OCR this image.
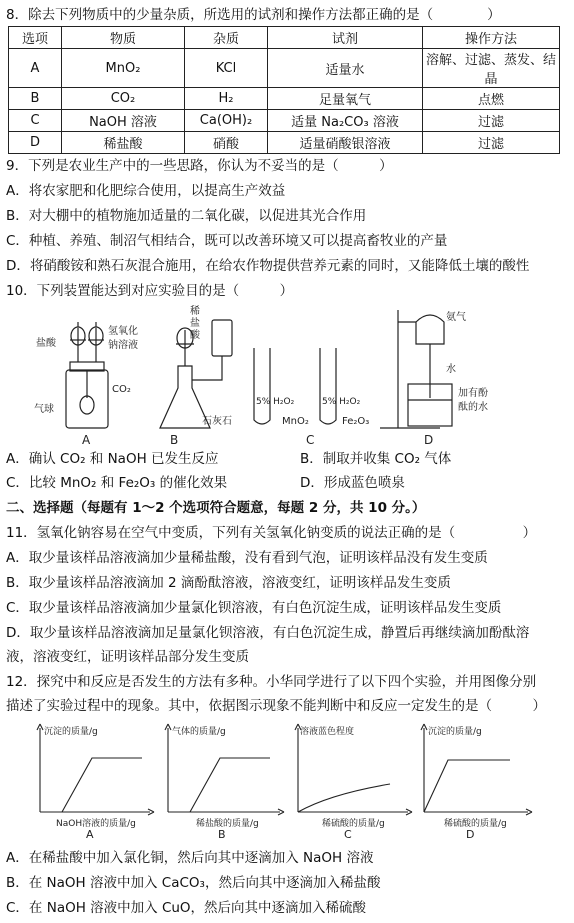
8．除去下列物质中的少量杂质，所选用的试剂和操作方法都正确的是（　　　　）
选项	物质	杂质	试剂	操作方法
A	MnO₂	KCl	适量水	溶解、过滤、蒸发、结晶
B	CO₂	H₂	足量氧气	点燃
C	NaOH 溶液	Ca(OH)₂	适量 Na₂CO₃ 溶液	过滤
D	稀盐酸	硝酸	适量硝酸银溶液	过滤
9．下列是农业生产中的一些思路，你认为不妥当的是（　　　）
A．将农家肥和化肥综合使用，以提高生产效益
B．对大棚中的植物施加适量的二氧化碳，以促进其光合作用
C．种植、养殖、制沼气相结合，既可以改善环境又可以提高畜牧业的产量
D．将硝酸铵和熟石灰混合施用，在给农作物提供营养元素的同时，又能降低土壤的酸性
10．下列装置能达到对应实验目的是（　　　）
盐酸
氢氧化
钠溶液
CO₂
气球
A
稀
盐
酸
石灰石
B
5% H₂O₂	5% H₂O₂
MnO₂	Fe₂O₃
C
氨气
水
加有酚
酞的水
D
A．确认 CO₂ 和 NaOH 已发生反应	B．制取并收集 CO₂ 气体
C．比较 MnO₂ 和 Fe₂O₃ 的催化效果	D．形成蓝色喷泉
二、选择题（每题有 1～2 个选项符合题意，每题 2 分，共 10 分。）
11．氢氧化钠容易在空气中变质，下列有关氢氧化钠变质的说法正确的是（　　　　　）
A．取少量该样品溶液滴加少量稀盐酸，没有看到气泡，证明该样品没有发生变质
B．取少量该样品溶液滴加 2 滴酚酞溶液，溶液变红，证明该样品发生变质
C．取少量该样品溶液滴加少量氯化钡溶液，有白色沉淀生成，证明该样品发生变质
D．取少量该样品溶液滴加足量氯化钡溶液，有白色沉淀生成，静置后再继续滴加酚酞溶
液，溶液变红，证明该样品部分发生变质
12．探究中和反应是否发生的方法有多种。小华同学进行了以下四个实验，并用图像分别
描述了实验过程中的现象。其中，依据图示现象不能判断中和反应一定发生的是（　　　）
沉淀的质量/g
NaOH溶液的质量/g
A
气体的质量/g
稀盐酸的质量/g
B
溶液蓝色程度
稀硫酸的质量/g
C
沉淀的质量/g
稀硫酸的质量/g
D
A．在稀盐酸中加入氯化铜，然后向其中逐滴加入 NaOH 溶液
B．在 NaOH 溶液中加入 CaCO₃，然后向其中逐滴加入稀盐酸
C．在 NaOH 溶液中加入 CuO，然后向其中逐滴加入稀硫酸
